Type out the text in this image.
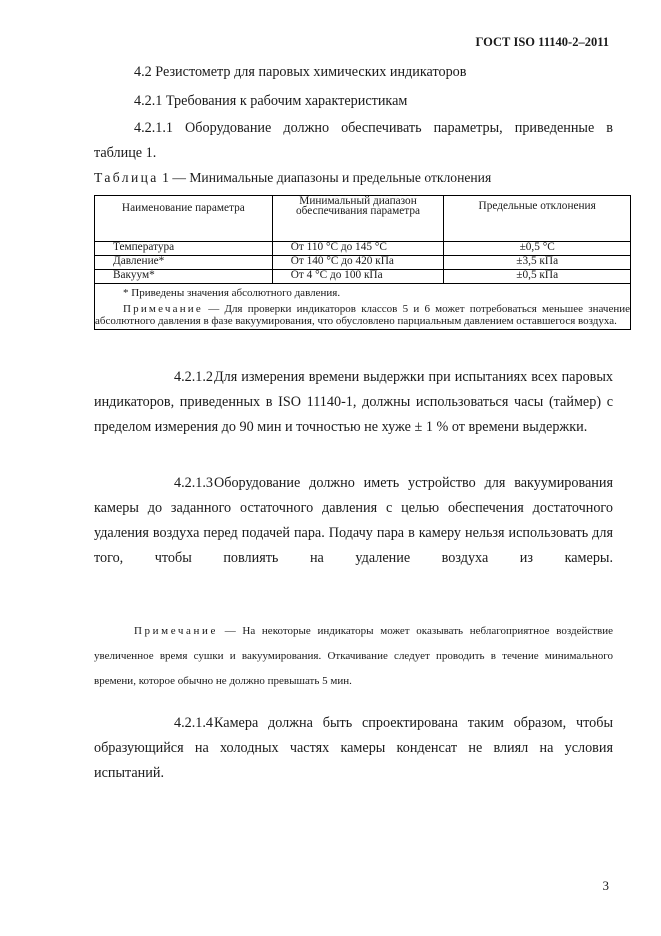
ГОСТ ISO 11140-2–2011
4.2 Резистометр для паровых химических индикаторов
4.2.1 Требования к рабочим характеристикам
4.2.1.1 Оборудование должно обеспечивать параметры, приведенные в таблице 1.
Таблица 1 — Минимальные диапазоны и предельные отклонения
Наименование параметра	Минимальный диапазон обеспечивания параметра	Предельные отклонения
Температура	От 110 °С до 145 °С	±0,5 °С
Давление*	От 140 °С до 420 кПа	±3,5 кПа
Вакуум*	От 4 °С до 100 кПа	±0,5 кПа

* Приведены значения абсолютного давления.
Примечание — Для проверки индикаторов классов 5 и 6 может потребоваться меньшее значение абсолютного давления в фазе вакуумирования, что обусловлено парциальным давлением оставшегося воздуха.		
4.2.1.2Для измерения времени выдержки при испытаниях всех паровых индикаторов, приведенных в ISO 11140-1, должны использоваться часы (таймер) с пределом измерения до 90 мин и точностью не хуже ± 1 % от времени выдержки.
4.2.1.3Оборудование должно иметь устройство для вакуумирования камеры до заданного остаточного давления с целью обеспечения достаточного удаления воздуха перед подачей пара. Подачу пара в камеру нельзя использовать для того, чтобы повлиять на удаление воздуха из камеры.
Примечание — На некоторые индикаторы может оказывать неблагоприятное воздействие увеличенное время сушки и вакуумирования. Откачивание следует проводить в течение минимального времени, которое обычно не должно превышать 5 мин.
4.2.1.4Камера должна быть спроектирована таким образом, чтобы образующийся на холодных частях камеры конденсат не влиял на условия испытаний.
3
